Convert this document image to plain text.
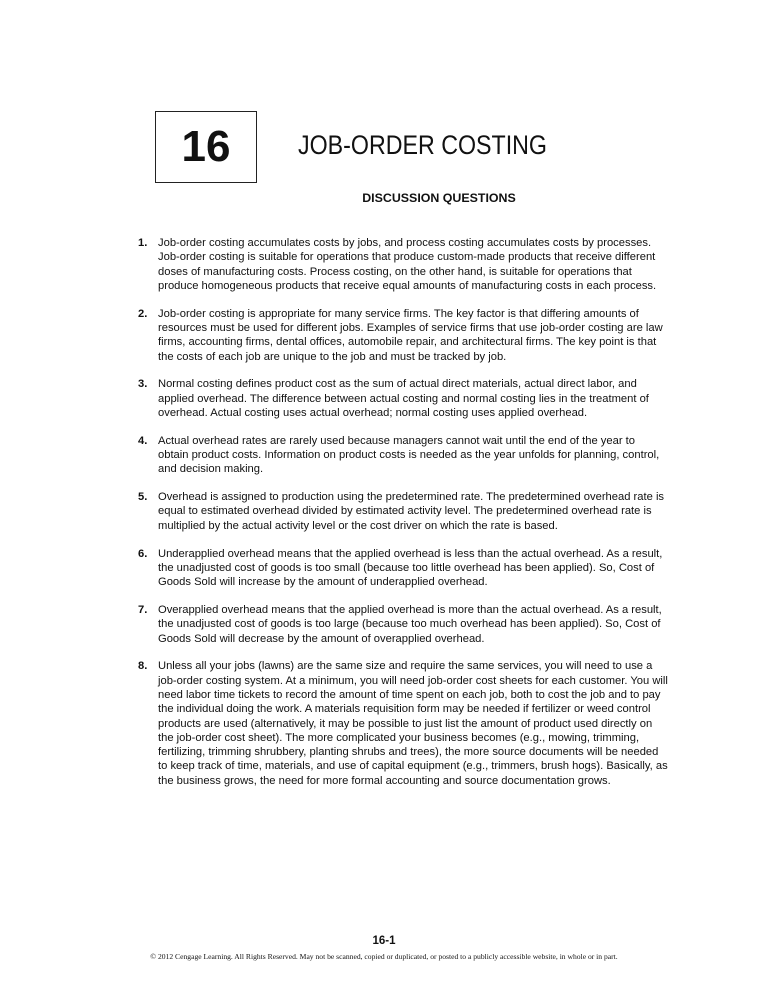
16	JOB-ORDER COSTING
DISCUSSION QUESTIONS
1. Job-order costing accumulates costs by jobs, and process costing accumulates costs by processes. Job-order costing is suitable for operations that produce custom-made products that receive different doses of manufacturing costs. Process costing, on the other hand, is suitable for operations that produce homogeneous products that receive equal amounts of manufacturing costs in each process.
2. Job-order costing is appropriate for many service firms. The key factor is that differing amounts of resources must be used for different jobs. Examples of service firms that use job-order costing are law firms, accounting firms, dental offices, automobile repair, and architectural firms. The key point is that the costs of each job are unique to the job and must be tracked by job.
3. Normal costing defines product cost as the sum of actual direct materials, actual direct labor, and applied overhead. The difference between actual costing and normal costing lies in the treatment of overhead. Actual costing uses actual overhead; normal costing uses applied overhead.
4. Actual overhead rates are rarely used because managers cannot wait until the end of the year to obtain product costs. Information on product costs is needed as the year unfolds for planning, control, and decision making.
5. Overhead is assigned to production using the predetermined rate. The predetermined overhead rate is equal to estimated overhead divided by estimated activity level. The predetermined overhead rate is multiplied by the actual activity level or the cost driver on which the rate is based.
6. Underapplied overhead means that the applied overhead is less than the actual overhead. As a result, the unadjusted cost of goods is too small (because too little overhead has been applied). So, Cost of Goods Sold will increase by the amount of underapplied overhead.
7. Overapplied overhead means that the applied overhead is more than the actual overhead. As a result, the unadjusted cost of goods is too large (because too much overhead has been applied). So, Cost of Goods Sold will decrease by the amount of overapplied overhead.
8. Unless all your jobs (lawns) are the same size and require the same services, you will need to use a job-order costing system. At a minimum, you will need job-order cost sheets for each customer. You will need labor time tickets to record the amount of time spent on each job, both to cost the job and to pay the individual doing the work. A materials requisition form may be needed if fertilizer or weed control products are used (alternatively, it may be possible to just list the amount of product used directly on the job-order cost sheet). The more complicated your business becomes (e.g., mowing, trimming, fertilizing, trimming shrubbery, planting shrubs and trees), the more source documents will be needed to keep track of time, materials, and use of capital equipment (e.g., trimmers, brush hogs). Basically, as the business grows, the need for more formal accounting and source documentation grows.
16-1
© 2012 Cengage Learning. All Rights Reserved. May not be scanned, copied or duplicated, or posted to a publicly accessible website, in whole or in part.
